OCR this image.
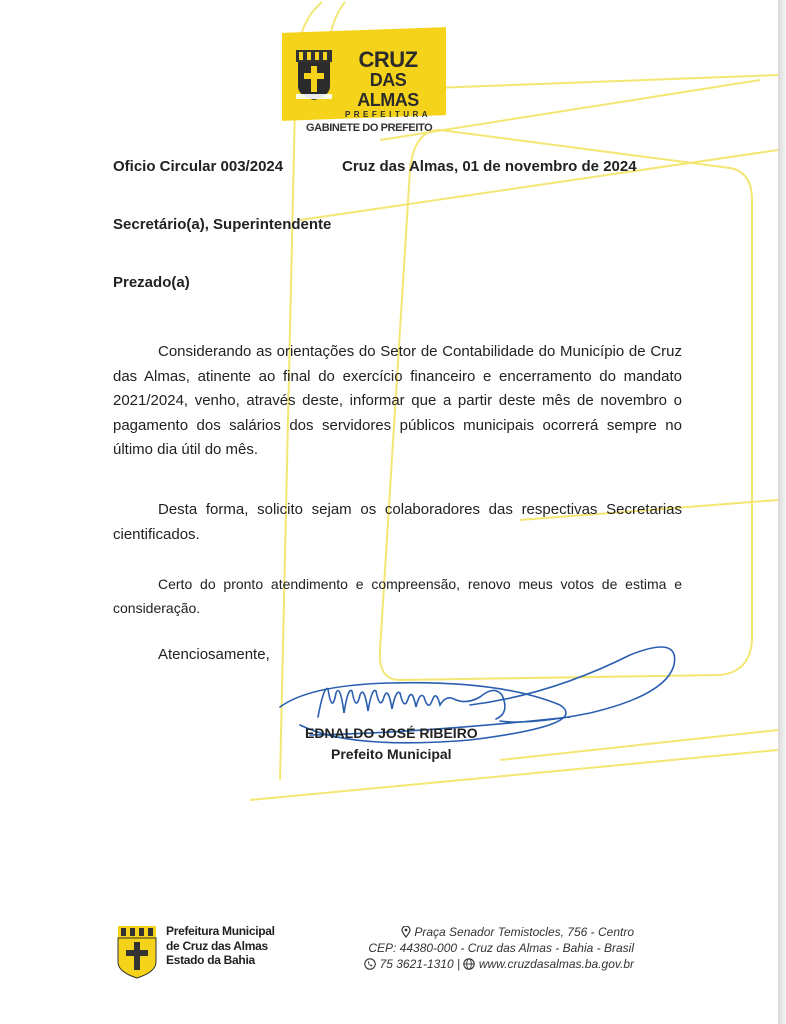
CRUZ
DAS ALMAS
PREFEITURA
GABINETE DO PREFEITO
Oficio Circular 003/2024	Cruz das Almas, 01 de novembro de 2024
Secretário(a), Superintendente
Prezado(a)

Considerando as orientações do Setor de Contabilidade do Município de Cruz das Almas, atinente ao final do exercício financeiro e encerramento do mandato 2021/2024, venho, através deste, informar que a partir deste mês de novembro o pagamento dos salários dos servidores públicos municipais ocorrerá sempre no último dia útil do mês.

Desta forma, solicito sejam os colaboradores das respectivas Secretarias cientificados.

Certo do pronto atendimento e compreensão, renovo meus votos de estima e consideração.

Atenciosamente,
EDNALDO JOSÉ RIBEIRO
Prefeito Municipal
Prefeitura Municipal
de Cruz das Almas
Estado da Bahia
Praça Senador Temistocles, 756 - Centro
CEP: 44380-000 - Cruz das Almas - Bahia - Brasil
75 3621-1310 | www.cruzdasalmas.ba.gov.br
